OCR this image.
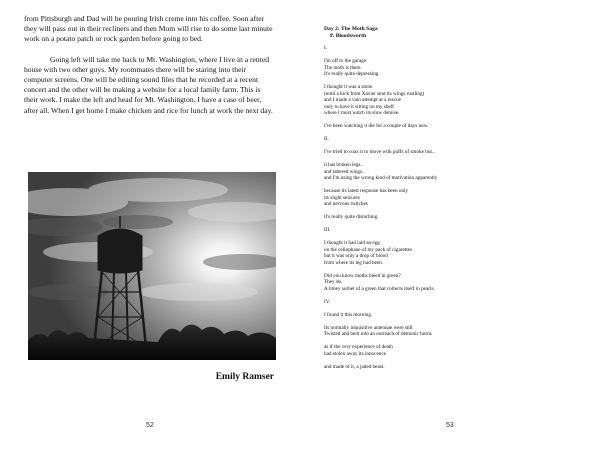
from Pittsburgh and Dad will be pouring Irish creme into his coffee. Soon after they will pass out in their recliners and then Mom will rise to do some last minute work on a potato patch or rock garden before going to bed.

Going left will take me back to Mt. Washington, where I live in a rented house with two other guys. My roommates there will be staring into their computer screens. One will be editing sound files that he recorded at a recent concert and the other will be making a website for a local family farm. This is their work. I make the left and head for Mt. Washington. I have a case of beer, after all. When I get home I make chicken and rice for lunch at work the next day.

Emily Ramser
52	53

Day 2: The Moth Saga

P. Bloodsworth

I.

I'm off to the garage.
The moth is there.
It's really quite depressing.
I thought it was a stone
(until a kick from Xavier sent its wings rustling)
and I made a vain attempt at a rescue
only to have it sitting on my shelf
where I must watch its slow demise.
I've been watching it die for a couple of days now.

II.

I've tried to coax it to move with puffs of smoke but...
it has broken legs..
and tattered wings..
and I'm using the wrong kind of motivation apparently
because its latest response has been only
its slight seizures
and nervous twitches
It's really quite disturbing.

III.

I thought it had laid an egg
on the cellophane of my pack of cigarettes
but it was only a drop of blood
from where its leg had been.
Did you know moths bleed in green?
They do.
A limey sorbet of a green that collects itself in pearls.

IV.

I found it this morning.
Its normally inquisitive antennae were still
Twisted and bent into an outreach of demonic horns
as if the very experience of death
had stolen away its innocence
and made of it, a jaded beast.
